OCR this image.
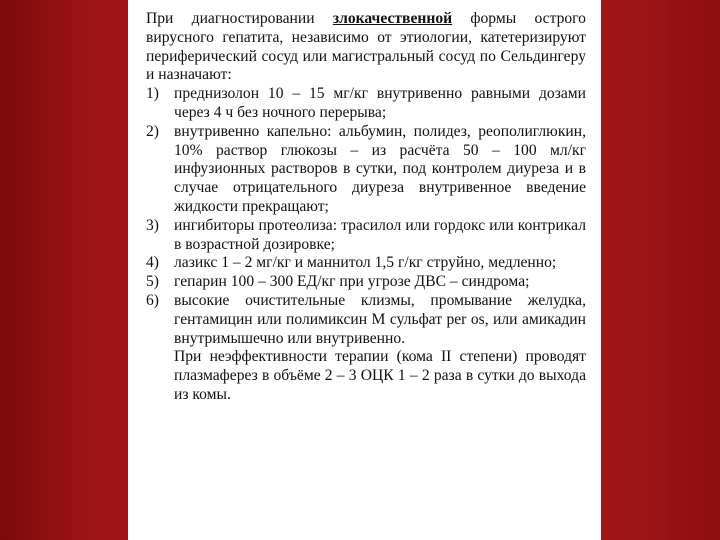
При диагностировании злокачественной формы острого вирусного гепатита, независимо от этиологии, катетеризируют периферический сосуд или магистральный сосуд по Сельдингеру и назначают:

1) преднизолон 10 – 15 мг/кг внутривенно равными дозами через 4 ч без ночного перерыва;
2) внутривенно капельно: альбумин, полидез, реополиглюкин, 10% раствор глюкозы – из расчёта 50 – 100 мл/кг инфузионных растворов в сутки, под контролем диуреза и в случае отрицательного диуреза внутривенное введение жидкости прекращают;
3) ингибиторы протеолиза: трасилол или гордокс или контрикал в возрастной дозировке;
4) лазикс 1 – 2 мг/кг и маннитол 1,5 г/кг струйно, медленно;
5) гепарин 100 – 300 ЕД/кг при угрозе ДВС – синдрома;
6) высокие очистительные клизмы, промывание желудка, гентамицин или полимиксин М сульфат per os, или амикадин внутримышечно или внутривенно.

При неэффективности терапии (кома II степени) проводят плазмаферез в объёме 2 – 3 ОЦК 1 – 2 раза в сутки до выхода из комы.
